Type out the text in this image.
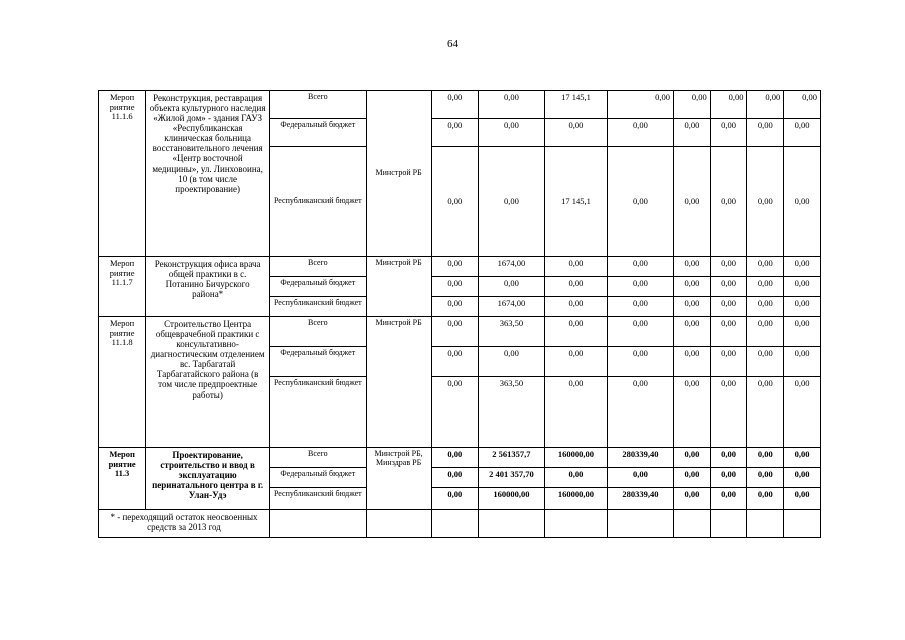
64
Мероп риятие 11.1.6	Реконструкция, реставрация объекта культурного наследия «Жилой дом» - здания ГАУЗ «Республиканская клиническая больница восстановительного лечения «Центр восточной медицины», ул. Линховоина, 10 (в том числе проектирование)	Всего	Минстрой РБ	0,00	0,00	17 145,1	0,00	0,00	0,00	0,00	0,00
		Федеральный бюджет		0,00	0,00	0,00	0,00	0,00	0,00	0,00	0,00
		Республиканский бюджет		0,00	0,00	17 145,1	0,00	0,00	0,00	0,00	0,00
Мероп риятие 11.1.7	Реконструкция офиса врача общей практики в с. Потанино Бичурского района*	Всего	Минстрой РБ	0,00	1674,00	0,00	0,00	0,00	0,00	0,00	0,00
		Федеральный бюджет		0,00	0,00	0,00	0,00	0,00	0,00	0,00	0,00
		Республиканский бюджет		0,00	1674,00	0,00	0,00	0,00	0,00	0,00	0,00
Мероп риятие 11.1.8	Строительство Центра общеврачебной практики с консультативно-диагностическим отделением вс. Тарбагатай Тарбагатайского района (в том числе предпроектные работы)	Всего	Минстрой РБ	0,00	363,50	0,00	0,00	0,00	0,00	0,00	0,00
		Федеральный бюджет		0,00	0,00	0,00	0,00	0,00	0,00	0,00	0,00
		Республиканский бюджет		0,00	363,50	0,00	0,00	0,00	0,00	0,00	0,00
Мероп риятие 11.3	Проектирование, строительство и ввод в эксплуатацию перинатального центра в г. Улан-Удэ	Всего	Минстрой РБ, Минздрав РБ	0,00	2 561357,7	160000,00	280339,40	0,00	0,00	0,00	0,00
		Федеральный бюджет		0,00	2 401 357,70	0,00	0,00	0,00	0,00	0,00	0,00
		Республиканский бюджет		0,00	160000,00	160000,00	280339,40	0,00	0,00	0,00	0,00
* - переходящий остаток неосвоенных средств за 2013 год											
